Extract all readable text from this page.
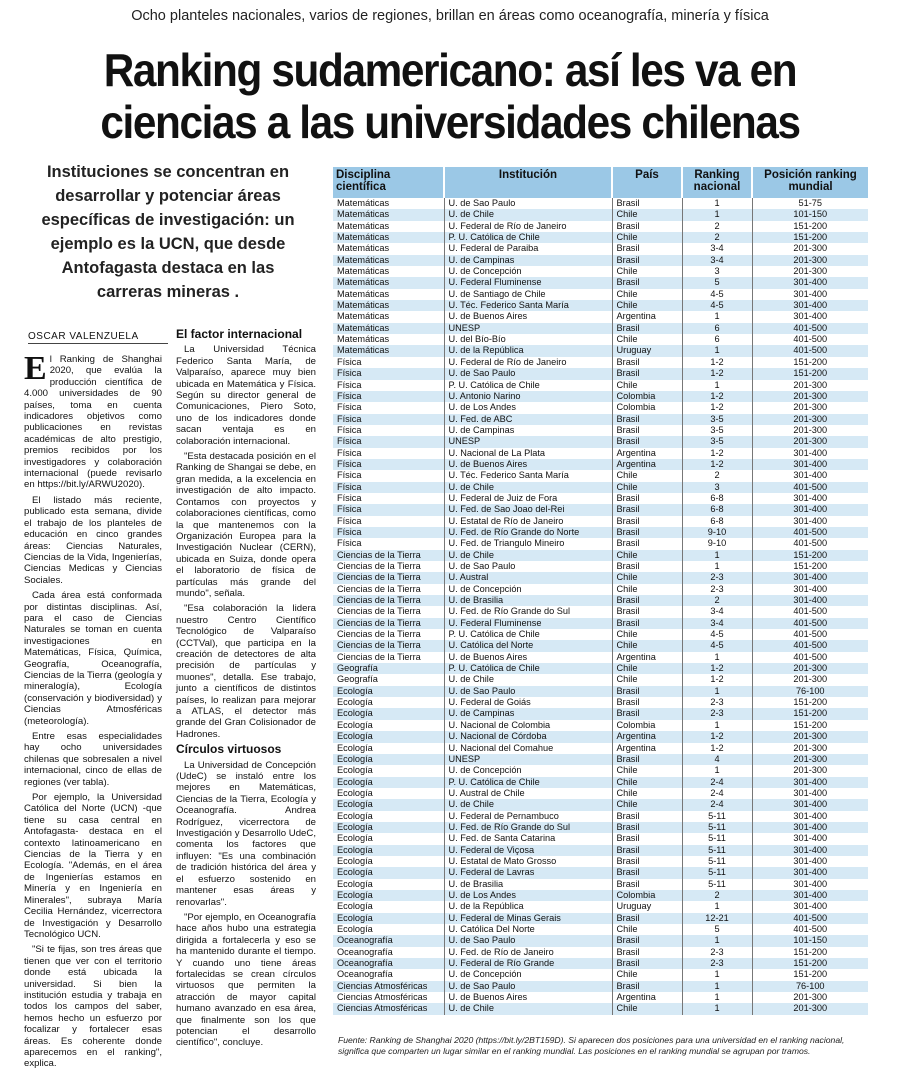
Ocho planteles nacionales, varios de regiones, brillan en áreas como oceanografía, minería y física
Ranking sudamericano: así les va en
ciencias a las universidades chilenas
Instituciones se concentran en desarrollar y potenciar áreas específicas de investigación: un ejemplo es la UCN, que desde Antofagasta destaca en las carreras mineras .
OSCAR VALENZUELA

El Ranking de Shanghai 2020, que evalúa la producción científica de 4.000 universidades de 90 países, toma en cuenta indicadores objetivos como publicaciones en revistas académicas de alto prestigio, premios recibidos por los investigadores y colaboración internacional (puede revisarlo en https://bit.ly/ARWU2020).

El listado más reciente, publicado esta semana, divide el trabajo de los planteles de educación en cinco grandes áreas: Ciencias Naturales, Ciencias de la Vida, Ingenierías, Ciencias Medicas y Ciencias Sociales.

Cada área está conformada por distintas disciplinas. Así, para el caso de Ciencias Naturales se toman en cuenta investigaciones en Matemáticas, Física, Química, Geografía, Oceanografía, Ciencias de la Tierra (geología y mineralogía), Ecología (conservación y biodiversidad) y Ciencias Atmosféricas (meteorología).

Entre esas especialidades hay ocho universidades chilenas que sobresalen a nivel internacional, cinco de ellas de regiones (ver tabla).

Por ejemplo, la Universidad Católica del Norte (UCN) -que tiene su casa central en Antofagasta- destaca en el contexto latinoamericano en Ciencias de la Tierra y en Ecología. "Además, en el área de Ingenierías estamos en Minería y en Ingeniería en Minerales", subraya María Cecilia Hernández, vicerrectora de Investigación y Desarrollo Tecnológico UCN.

"Si te fijas, son tres áreas que tienen que ver con el territorio donde está ubicada la universidad. Si bien la institución estudia y trabaja en todos los campos del saber, hemos hecho un esfuerzo por focalizar y fortalecer esas áreas. Es coherente donde aparecemos en el ranking", explica.

El factor internacional

La Universidad Técnica Federico Santa María, de Valparaíso, aparece muy bien ubicada en Matemática y Física. Según su director general de Comunicaciones, Piero Soto, uno de los indicadores donde sacan ventaja es en colaboración internacional.

"Esta destacada posición en el Ranking de Shangai se debe, en gran medida, a la excelencia en investigación de alto impacto. Contamos con proyectos y colaboraciones científicas, como la que mantenemos con la Organización Europea para la Investigación Nuclear (CERN), ubicada en Suiza, donde opera el laboratorio de física de partículas más grande del mundo", señala.

"Esa colaboración la lidera nuestro Centro Científico Tecnológico de Valparaíso (CCTVal), que participa en la creación de detectores de alta precisión de partículas y muones", detalla. Ese trabajo, junto a científicos de distintos países, lo realizan para mejorar a ATLAS, el detector más grande del Gran Colisionador de Hadrones.

Círculos virtuosos

La Universidad de Concepción (UdeC) se instaló entre los mejores en Matemáticas, Ciencias de la Tierra, Ecología y Oceanografía. Andrea Rodríguez, vicerrectora de Investigación y Desarrollo UdeC, comenta los factores que influyen: "Es una combinación de tradición histórica del área y el esfuerzo sostenido en mantener esas áreas y renovarlas".

"Por ejemplo, en Oceanografía hace años hubo una estrategia dirigida a fortalecerla y eso se ha mantenido durante el tiempo. Y cuando uno tiene áreas fortalecidas se crean círculos virtuosos que permiten la atracción de mayor capital humano avanzado en esa área, que finalmente son los que potencian el desarrollo científico", concluye.

Disciplina científica	Institución	País	Ranking nacional	Posición ranking mundial
Matemáticas	U. de Sao Paulo	Brasil	1	51-75
Matemáticas	U. de Chile	Chile	1	101-150
Matemáticas	U. Federal de Río de Janeiro	Brasil	2	151-200
Matemáticas	P. U. Católica de Chile	Chile	2	151-200
Matemáticas	U. Federal de Paraiba	Brasil	3-4	201-300
Matemáticas	U. de Campinas	Brasil	3-4	201-300
Matemáticas	U. de Concepción	Chile	3	201-300
Matemáticas	U. Federal Fluminense	Brasil	5	301-400
Matemáticas	U. de Santiago de Chile	Chile	4-5	301-400
Matemáticas	U. Téc. Federico Santa María	Chile	4-5	301-400
Matemáticas	U. de Buenos Aires	Argentina	1	301-400
Matemáticas	UNESP	Brasil	6	401-500
Matemáticas	U. del Bío-Bío	Chile	6	401-500
Matemáticas	U. de la República	Uruguay	1	401-500
Física	U. Federal de Río de Janeiro	Brasil	1-2	151-200
Física	U. de Sao Paulo	Brasil	1-2	151-200
Física	P. U. Católica de Chile	Chile	1	201-300
Física	U. Antonio Narino	Colombia	1-2	201-300
Física	U. de Los Andes	Colombia	1-2	201-300
Física	U. Fed. de ABC	Brasil	3-5	201-300
Física	U. de Campinas	Brasil	3-5	201-300
Física	UNESP	Brasil	3-5	201-300
Física	U. Nacional de La Plata	Argentina	1-2	301-400
Física	U. de Buenos Aires	Argentina	1-2	301-400
Física	U. Téc. Federico Santa María	Chile	2	301-400
Física	U. de Chile	Chile	3	401-500
Física	U. Federal de Juiz de Fora	Brasil	6-8	301-400
Física	U. Fed. de Sao Joao del-Rei	Brasil	6-8	301-400
Física	U. Estatal de Río de Janeiro	Brasil	6-8	301-400
Física	U. Fed. de Río Grande do Norte	Brasil	9-10	401-500
Física	U. Fed. de Triangulo Mineiro	Brasil	9-10	401-500
Ciencias de la Tierra	U. de Chile	Chile	1	151-200
Ciencias de la Tierra	U. de Sao Paulo	Brasil	1	151-200
Ciencias de la Tierra	U. Austral	Chile	2-3	301-400
Ciencias de la Tierra	U. de Concepción	Chile	2-3	301-400
Ciencias de la Tierra	U. de Brasilia	Brasil	2	301-400
Ciencias de la Tierra	U. Fed. de Río Grande do Sul	Brasil	3-4	401-500
Ciencias de la Tierra	U. Federal Fluminense	Brasil	3-4	401-500
Ciencias de la Tierra	P. U. Católica de Chile	Chile	4-5	401-500
Ciencias de la Tierra	U. Católica del Norte	Chile	4-5	401-500
Ciencias de la Tierra	U. de Buenos Aires	Argentina	1	401-500
Geografía	P. U. Católica de Chile	Chile	1-2	201-300
Geografía	U. de Chile	Chile	1-2	201-300
Ecología	U. de Sao Paulo	Brasil	1	76-100
Ecología	U. Federal de Goiás	Brasil	2-3	151-200
Ecología	U. de Campinas	Brasil	2-3	151-200
Ecología	U. Nacional de Colombia	Colombia	1	151-200
Ecología	U. Nacional de Córdoba	Argentina	1-2	201-300
Ecología	U. Nacional del Comahue	Argentina	1-2	201-300
Ecología	UNESP	Brasil	4	201-300
Ecología	U. de Concepción	Chile	1	201-300
Ecología	P. U. Católica de Chile	Chile	2-4	301-400
Ecología	U. Austral de Chile	Chile	2-4	301-400
Ecología	U. de Chile	Chile	2-4	301-400
Ecología	U. Federal de Pernambuco	Brasil	5-11	301-400
Ecología	U. Fed. de Río Grande do Sul	Brasil	5-11	301-400
Ecología	U. Fed. de Santa Catarina	Brasil	5-11	301-400
Ecología	U. Federal de Viçosa	Brasil	5-11	301-400
Ecología	U. Estatal de Mato Grosso	Brasil	5-11	301-400
Ecología	U. Federal de Lavras	Brasil	5-11	301-400
Ecología	U. de Brasilia	Brasil	5-11	301-400
Ecología	U. de Los Andes	Colombia	2	301-400
Ecología	U. de la República	Uruguay	1	301-400
Ecología	U. Federal de Minas Gerais	Brasil	12-21	401-500
Ecología	U. Católica Del Norte	Chile	5	401-500
Oceanografía	U. de Sao Paulo	Brasil	1	101-150
Oceanografía	U. Fed. de Río de Janeiro	Brasil	2-3	151-200
Oceanografía	U. Federal de Río Grande	Brasil	2-3	151-200
Oceanografía	U. de Concepción	Chile	1	151-200
Ciencias Atmosféricas	U. de Sao Paulo	Brasil	1	76-100
Ciencias Atmosféricas	U. de Buenos Aires	Argentina	1	201-300
Ciencias Atmosféricas	U. de Chile	Chile	1	201-300
Fuente: Ranking de Shanghai 2020 (https://bit.ly/2BT159D). Si aparecen dos posiciones para una universidad en el ranking nacional, significa que comparten un lugar similar en el ranking mundial. Las posiciones en el ranking mundial se agrupan por tramos.
